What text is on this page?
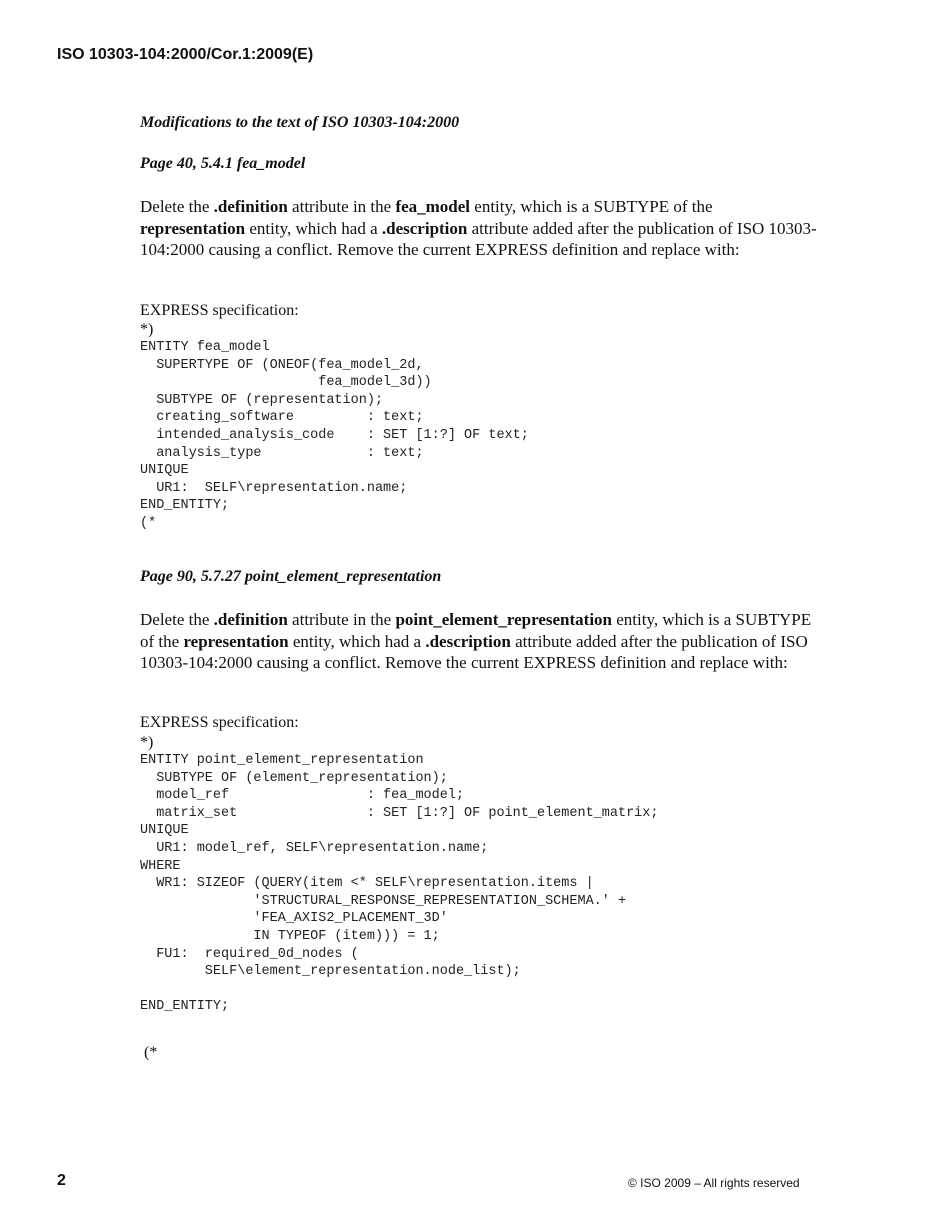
ISO 10303-104:2000/Cor.1:2009(E)
Modifications to the text of ISO 10303-104:2000
Page 40, 5.4.1 fea_model
Delete the .definition attribute in the fea_model entity, which is a SUBTYPE of the representation entity, which had a .description attribute added after the publication of ISO 10303-104:2000 causing a conflict. Remove the current EXPRESS definition and replace with:
EXPRESS specification:
*)
ENTITY fea_model
SUPERTYPE OF (ONEOF(fea_model_2d,
fea_model_3d))
SUBTYPE OF (representation);
creating_software         : text;
intended_analysis_code    : SET [1:?] OF text;
analysis_type             : text;
UNIQUE
UR1:  SELF\representation.name;
END_ENTITY;
(*
Page 90, 5.7.27 point_element_representation
Delete the .definition attribute in the point_element_representation entity, which is a SUBTYPE of the representation entity, which had a .description attribute added after the publication of ISO 10303-104:2000 causing a conflict. Remove the current EXPRESS definition and replace with:
EXPRESS specification:
*)
ENTITY point_element_representation
SUBTYPE OF (element_representation);
model_ref                 : fea_model;
matrix_set                : SET [1:?] OF point_element_matrix;
UNIQUE
UR1: model_ref, SELF\representation.name;
WHERE
WR1: SIZEOF (QUERY(item <* SELF\representation.items |
'STRUCTURAL_RESPONSE_REPRESENTATION_SCHEMA.' +
'FEA_AXIS2_PLACEMENT_3D'
IN TYPEOF (item))) = 1;
FU1:  required_0d_nodes (
SELF\element_representation.node_list);

END_ENTITY;
(*
2	© ISO 2009 – All rights reserved
